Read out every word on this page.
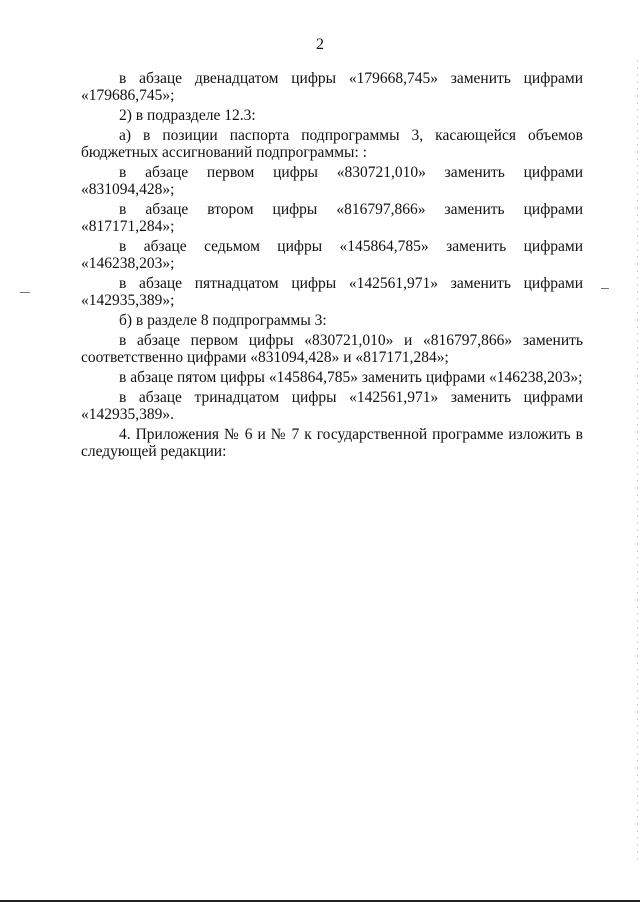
2

в абзаце двенадцатом цифры «179668,745» заменить цифрами «179686,745»;

2) в подразделе 12.3:

а) в позиции паспорта подпрограммы 3, касающейся объемов бюджетных ассигнований подпрограммы: :

в абзаце первом цифры «830721,010» заменить цифрами «831094,428»;

в абзаце втором цифры «816797,866» заменить цифрами «817171,284»;

в абзаце седьмом цифры «145864,785» заменить цифрами «146238,203»;

в абзаце пятнадцатом цифры «142561,971» заменить цифрами «142935,389»;

б) в разделе 8 подпрограммы 3:

в абзаце первом цифры «830721,010» и «816797,866» заменить соответственно цифрами «831094,428» и «817171,284»;

в абзаце пятом цифры «145864,785» заменить цифрами «146238,203»;

в абзаце тринадцатом цифры «142561,971» заменить цифрами «142935,389».

4. Приложения № 6 и № 7 к государственной программе изложить в следующей редакции:
